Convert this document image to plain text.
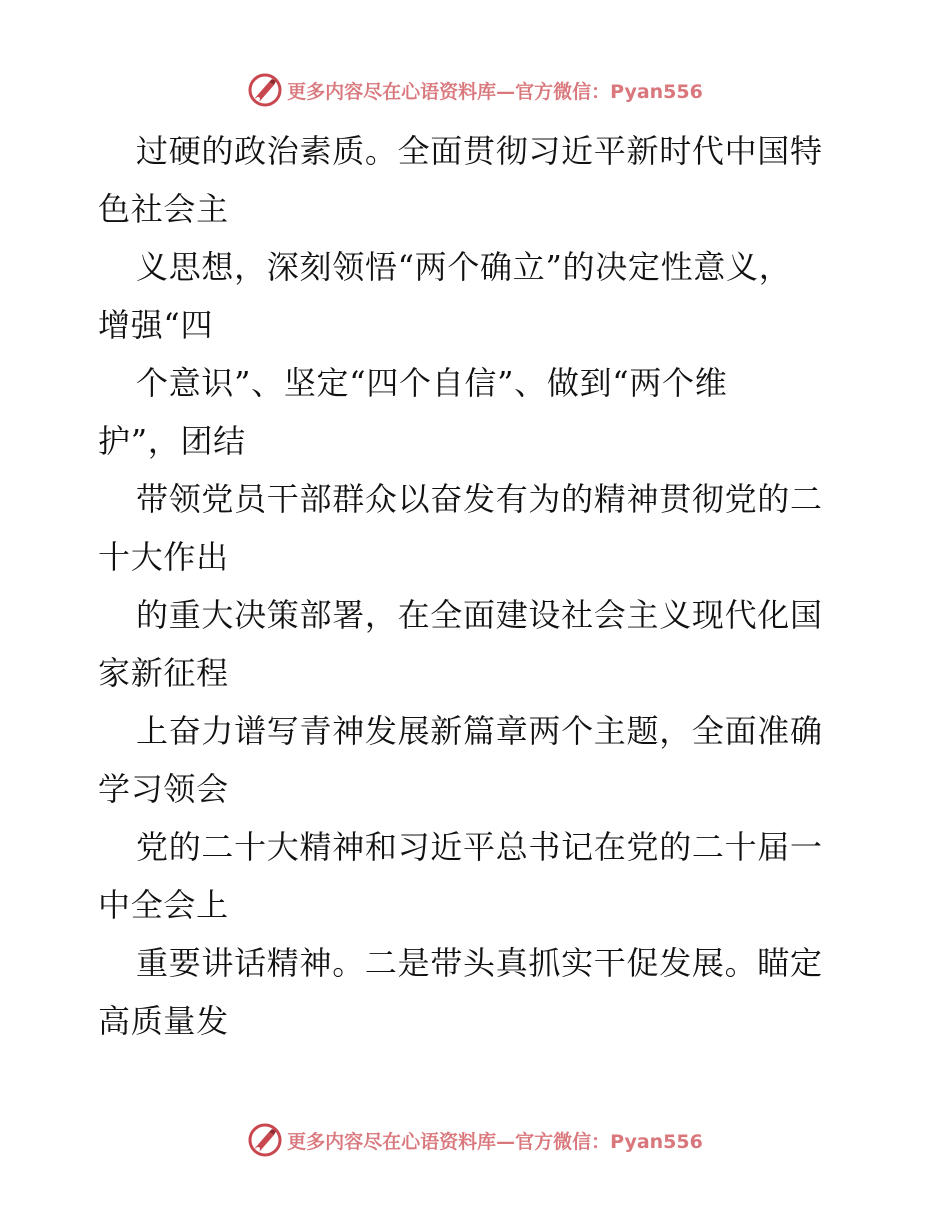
更多内容尽在心语资料库—官方微信：Pyan556
过硬的政治素质。全面贯彻习近平新时代中国特
色社会主
义思想，深刻领悟“两个确立”的决定性意义，
增强“四
个意识”、坚定“四个自信”、做到“两个维
护”，团结
带领党员干部群众以奋发有为的精神贯彻党的二
十大作出
的重大决策部署，在全面建设社会主义现代化国
家新征程
上奋力谱写青神发展新篇章两个主题，全面准确
学习领会
党的二十大精神和习近平总书记在党的二十届一
中全会上
重要讲话精神。二是带头真抓实干促发展。瞄定
高质量发
更多内容尽在心语资料库—官方微信：Pyan556
